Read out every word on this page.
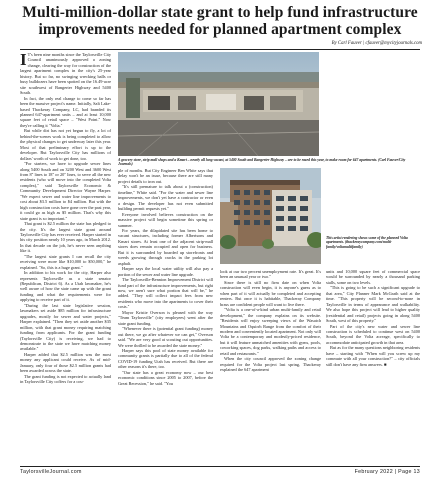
Multi-million-dollar state grant to help fund infrastructure improvements needed for planned apartment complex
By Carl Fauver | cfauver@mycityjournals.com

I T's been nine months since the Taylorsville City Council unanimously approved a zoning change, clearing the way for construction of the largest apartment complex in the city's 25-year history. But so far, no swinging wrecking balls or busy bulldozers have been spotted on the 16.49-acre site southwest of Bangerter Highway and 5400 South.

In fact, the only real change to come so far has been the massive project's name. Initially, Salt Lake-based Thackeray Company, LC, had branded its planned 647-apartment units – and at least 10,000 square feet of retail space – "West Point." Now they're calling it "Volta."

But while dirt has not yet begun to fly, a lot of behind-the-scenes work is being completed to allow the physical changes to get underway later this year. Most of that preliminary effort is up to the developer. But Taylorsville City has millions of dollars' worth of work to get done, too.

"For starters, we have to upgrade sewer lines along 5400 South and on 3200 West and 3600 West from 8" lines to 18" or 20" lines, to serve all the new residents (who will move into the completed Volta complex)," said Taylorsville Economic & Community Development Director Wayne Harper. "We expect sewer and water line improvements to cost about $3.5 million to $4 million. But with the high construction costs have gone over the past year, it could go as high as $5 million. That's why this state grant is so important."

That grant is $2.5 million the state has pledged to the city. It's the largest state grant around Taylorsville City has ever received. Harper started in his city position nearly 10 years ago, in March 2012. In that decade on the job, he's never seen anything like it.

"The largest state grants I can recall the city receiving were more like $10,000 to $50,000," he explained. "So, this is a huge grant."

In addition to his work for the city, Harper also represents Taylorsville as a state senator (Republican, District 6). As a Utah lawmaker, he's well aware of how the state came up with the grant funding and what the requirements were for applying to receive part of it.

"During the last state legislative session, lawmakers set aside $85 million for infrastructure upgrades, mostly for sewer and water projects," Harper explained. "Then they set aside another $35 million, with that grant money requiring matching funding from applicants. For the grant funding (Taylorsville City) is receiving, we had to demonstrate to the state we have matching money available."

Harper added that $2.5 million was the most money any applicant could receive. As of mid-January, only four of those $2.5 million grants had been awarded across the state.

The grant funding is not expected to actually land in Taylorsville City coffers for a cou-

A grocery store, strip mall shops and a Kmart – nearly all long vacant, at 5400 South and Bangerter Highway – are to be razed this year, to make room for 647 apartments. (Carl Fauver/City Journals)

ple of months. But City Engineer Ben White says that delay won't be an issue, because there are still many project details to iron out.

"It's still premature to talk about a (construction) timeline," White said. "For the water and sewer line improvements, we don't yet have a contractor or even a design. The developer has not even submitted building permit requests yet."

Everyone involved believes construction on the massive project will begin sometime this spring or summer.

For years, the dilapidated site has been home to vacant structures, including former Albertsons and Kmart stores. At least one of the adjacent strip-mall stores does remain occupied and open for business. But it is surrounded by boarded up storefronts and weeds growing through cracks in the parking lot asphalt.

Harper says the local water utility will also pay a portion of the sewer and water line upgrade.

The Taylorsville-Bennion Improvement District will fund part of the infrastructure improvements, but right now, we aren't sure what portion that will be," he added. "They will collect impact fees from new residents who move into the apartments to cover their costs."

Mayor Kristie Overson is pleased with the way "Team Taylorsville" (city employees) went after the state grant funding.

"Whenever there is (potential grant funding) money out there, we go after whatever we can get," Overson said. "We are very good at scouting out opportunities. We were thrilled to be awarded the state money."

Harper says this pool of state money available for community grants is partially due to all of the federal COVID-19 funding Utah has received. But there are other reasons it's there, too.

"Our state has a great economy now – our best economic conditions since 2005 to 2007, before the Great Recession," he said. "You

look at our two percent unemployment rate. It's great. It's been an unusual year or two."

Since there is still no firm date on when Volta construction will even begin, it is anyone's guess as to when part of it will actually be completed and accepting renters. But once it is habitable, Thackeray Company brass are confident people will want to live there.

"Volta is a one-of-a-kind urban multi-family and retail development," the company explains on its website. "Residents will enjoy sweeping views of the Wasatch Mountains and Oquirrh Range from the comfort of their modern and conveniently located apartment. Not only will Volta be a contemporary and modestly-priced residence, but it will feature unmatched amenities with gyms, pools, coworking spaces, dog parks, walking paths and access to retail and restaurants."

When the city council approved the zoning change required for the Volta project last spring, Thackeray explained the 647 apartment

This artist rendering shows some of the planned Volta apartments. (thackeraycompany.com/multi-family/voltamultifamily)

units and 10,000 square feet of commercial space would be surrounded by nearly a thousand parking stalls, some on two levels.

"This is going to be such a significant upgrade to that area," City Planner Mark McGrath said at the time. "This property will be second-to-none in Taylorsville in terms of appearance and walkability. We also hope this project will lead to higher quality (residential and retail) projects going in along 5400 South, west of this property."

Part of the city's new water and sewer line construction is scheduled to continue west on 5400 South, beyond the Volta acreage, specifically to accommodate anticipated growth in that area.

But as for the many questions neighboring residents have – starting with "When will you screw up my commute with all your construction?" – city officials still don't have any firm answers. ■

TaylorsvilleJournal.com	February 2022 | Page 13
